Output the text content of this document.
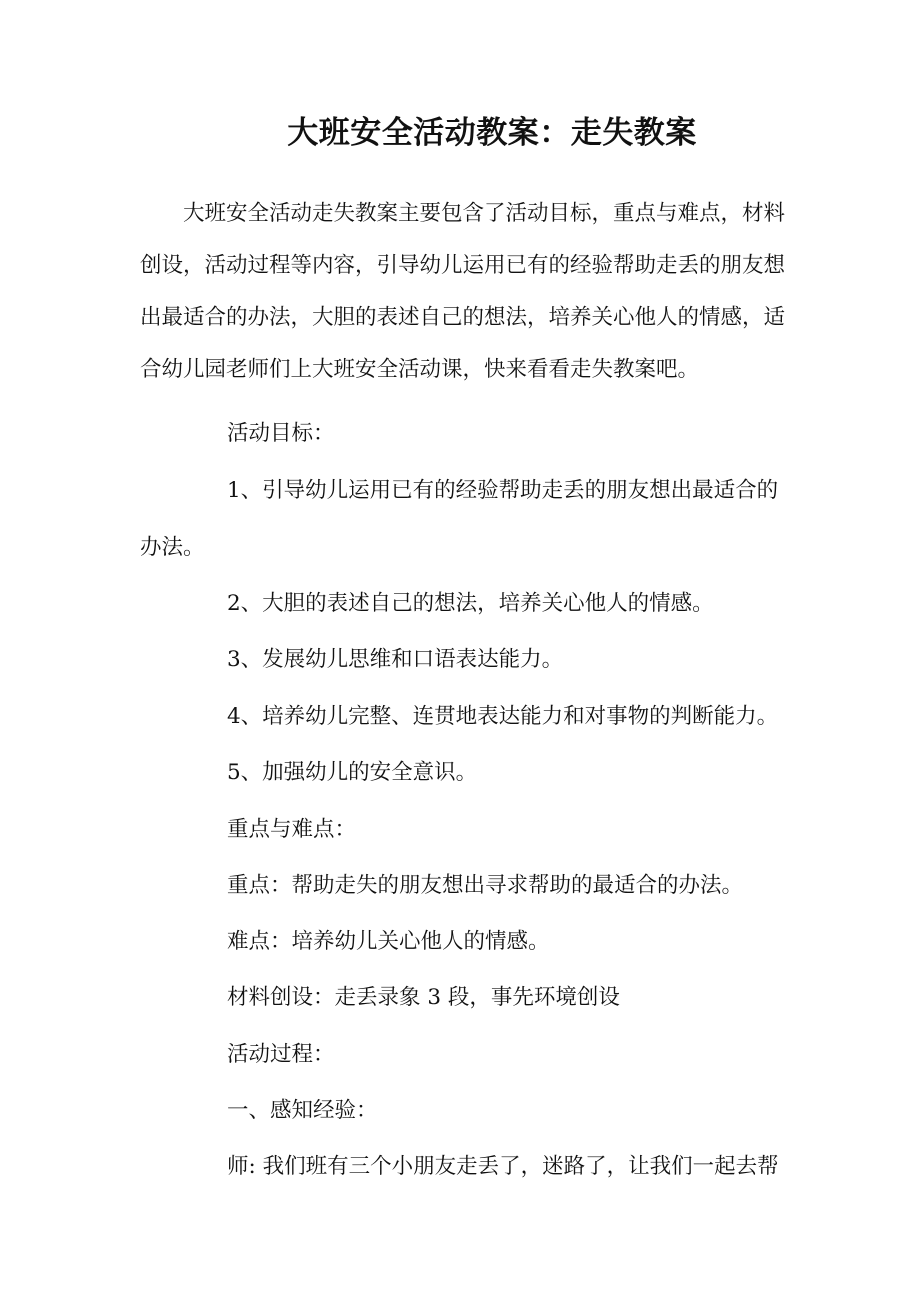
大班安全活动教案：走失教案
大班安全活动走失教案主要包含了活动目标，重点与难点，材料
创设，活动过程等内容，引导幼儿运用已有的经验帮助走丢的朋友想
出最适合的办法，大胆的表述自己的想法，培养关心他人的情感，适
合幼儿园老师们上大班安全活动课，快来看看走失教案吧。
活动目标：
1、引导幼儿运用已有的经验帮助走丢的朋友想出最适合的
办法。
2、大胆的表述自己的想法，培养关心他人的情感。
3、发展幼儿思维和口语表达能力。
4、培养幼儿完整、连贯地表达能力和对事物的判断能力。
5、加强幼儿的安全意识。
重点与难点：
重点：帮助走失的朋友想出寻求帮助的最适合的办法。
难点：培养幼儿关心他人的情感。
材料创设：走丢录象 3 段，事先环境创设
活动过程：
一、感知经验：
师: 我们班有三个小朋友走丢了，迷路了，让我们一起去帮
